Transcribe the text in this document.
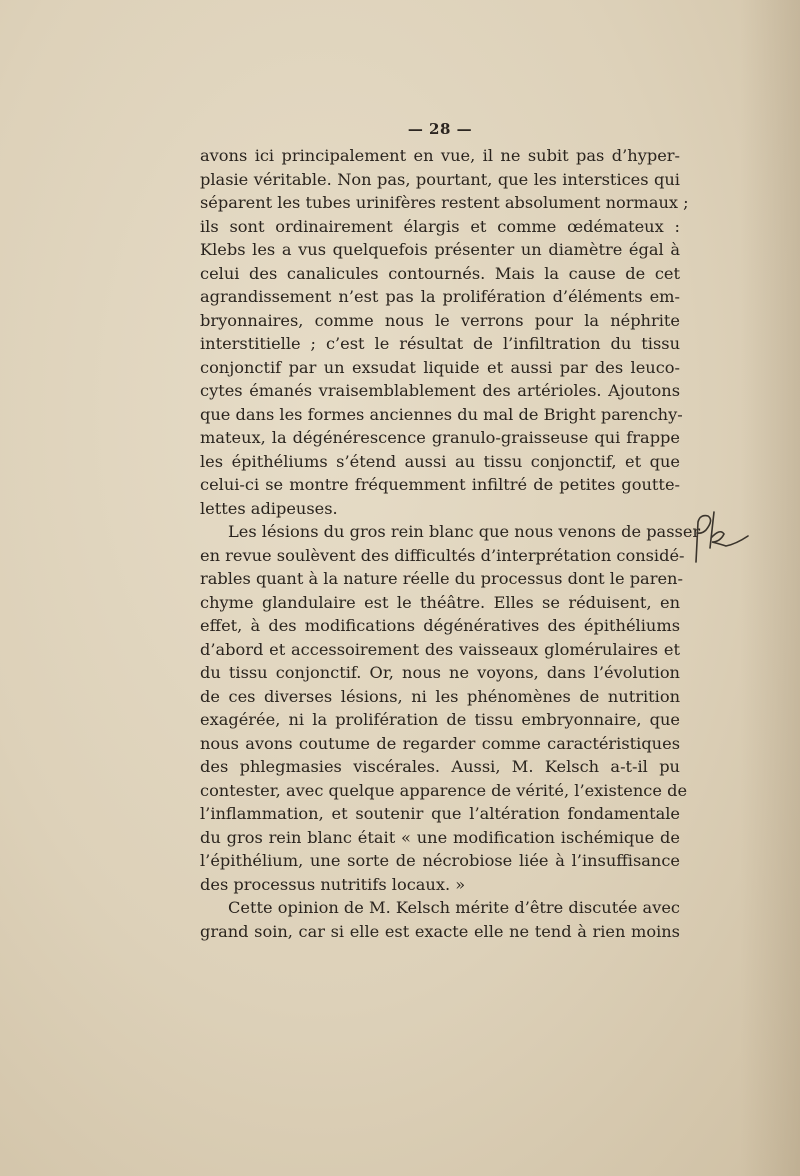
— 28 —
avons ici principalement en vue, il ne subit pas d’hyper-
plasie véritable. Non pas, pourtant, que les interstices qui
séparent les tubes urinifères restent absolument normaux ;
ils sont ordinairement élargis et comme œdémateux :
Klebs les a vus quelquefois présenter un diamètre égal à
celui des canalicules contournés. Mais la cause de cet
agrandissement n’est pas la prolifération d’éléments em-
bryonnaires, comme nous le verrons pour la néphrite
interstitielle ; c’est le résultat de l’infiltration du tissu
conjonctif par un exsudat liquide et aussi par des leuco-
cytes émanés vraisemblablement des artérioles. Ajoutons
que dans les formes anciennes du mal de Bright parenchy-
mateux, la dégénérescence granulo-graisseuse qui frappe
les épithéliums s’étend aussi au tissu conjonctif, et que
celui-ci se montre fréquemment infiltré de petites goutte-
lettes adipeuses.
Les lésions du gros rein blanc que nous venons de passer
en revue soulèvent des difficultés d’interprétation considé-
rables quant à la nature réelle du processus dont le paren-
chyme glandulaire est le théâtre. Elles se réduisent, en
effet, à des modifications dégénératives des épithéliums
d’abord et accessoirement des vaisseaux glomérulaires et
du tissu conjonctif. Or, nous ne voyons, dans l’évolution
de ces diverses lésions, ni les phénomènes de nutrition
exagérée, ni la prolifération de tissu embryonnaire, que
nous avons coutume de regarder comme caractéristiques
des phlegmasies viscérales. Aussi, M. Kelsch a-t-il pu
contester, avec quelque apparence de vérité, l’existence de
l’inflammation, et soutenir que l’altération fondamentale
du gros rein blanc était « une modification ischémique de
l’épithélium, une sorte de nécrobiose liée à l’insuffisance
des processus nutritifs locaux. »
Cette opinion de M. Kelsch mérite d’être discutée avec
grand soin, car si elle est exacte elle ne tend à rien moins
